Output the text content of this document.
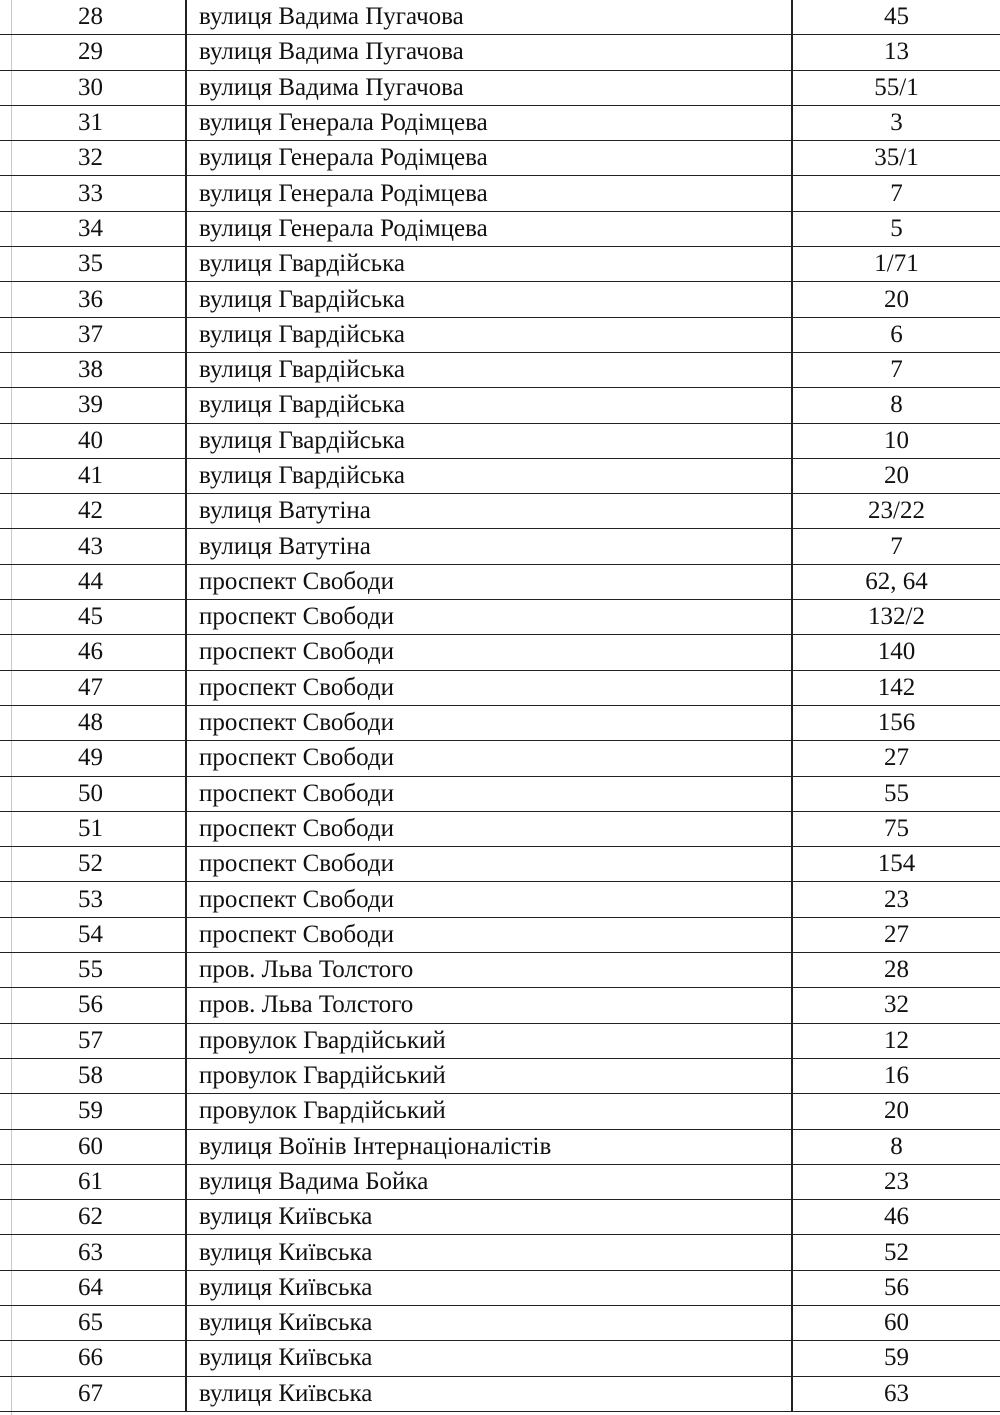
28	вулиця Вадима Пугачова	45
29	вулиця Вадима Пугачова	13
30	вулиця Вадима Пугачова	55/1
31	вулиця Генерала Родімцева	3
32	вулиця Генерала Родімцева	35/1
33	вулиця Генерала Родімцева	7
34	вулиця Генерала Родімцева	5
35	вулиця Гвардійська	1/71
36	вулиця Гвардійська	20
37	вулиця Гвардійська	6
38	вулиця Гвардійська	7
39	вулиця Гвардійська	8
40	вулиця Гвардійська	10
41	вулиця Гвардійська	20
42	вулиця Ватутіна	23/22
43	вулиця Ватутіна	7
44	проспект Свободи	62, 64
45	проспект Свободи	132/2
46	проспект Свободи	140
47	проспект Свободи	142
48	проспект Свободи	156
49	проспект Свободи	27
50	проспект Свободи	55
51	проспект Свободи	75
52	проспект Свободи	154
53	проспект Свободи	23
54	проспект Свободи	27
55	пров. Льва Толстого	28
56	пров. Льва Толстого	32
57	провулок Гвардійський	12
58	провулок Гвардійський	16
59	провулок Гвардійський	20
60	вулиця Воїнів Інтернаціоналістів	8
61	вулиця Вадима Бойка	23
62	вулиця Київська	46
63	вулиця Київська	52
64	вулиця Київська	56
65	вулиця Київська	60
66	вулиця Київська	59
67	вулиця Київська	63
